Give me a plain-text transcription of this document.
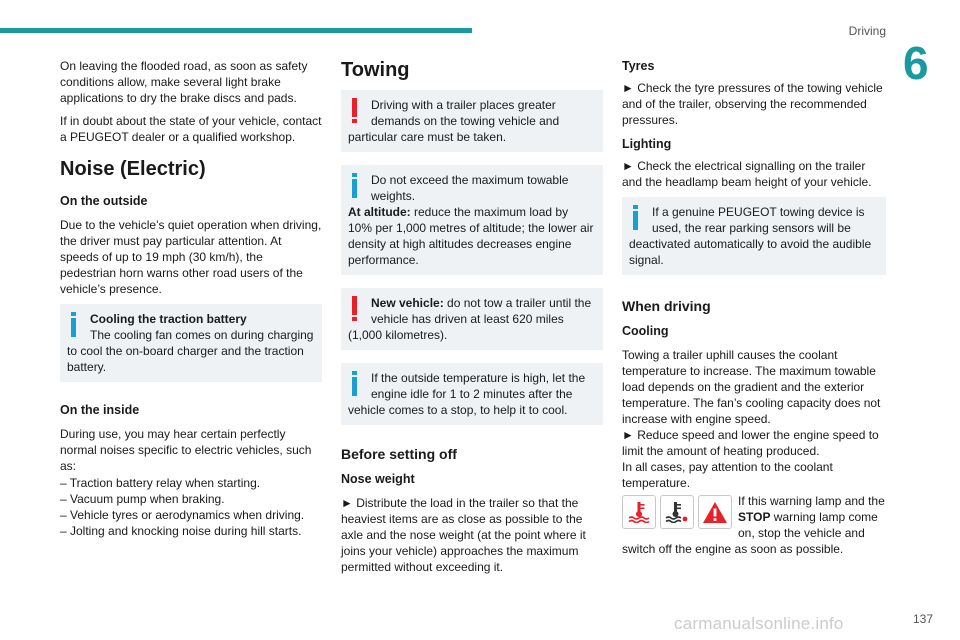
Driving
6

On leaving the flooded road, as soon as safety conditions allow, make several light brake applications to dry the brake discs and pads.

If in doubt about the state of your vehicle, contact a PEUGEOT dealer or a qualified workshop.

Noise (Electric)
On the outside

Due to the vehicle’s quiet operation when driving, the driver must pay particular attention. At speeds of up to 19 mph (30 km/h), the pedestrian horn warns other road users of the vehicle’s presence.

Cooling the traction battery
The cooling fan comes on during charging to cool the on-board charger and the traction battery.
On the inside

During use, you may hear certain perfectly normal noises specific to electric vehicles, such as:

– Traction battery relay when starting.
– Vacuum pump when braking.
– Vehicle tyres or aerodynamics when driving.
– Jolting and knocking noise during hill starts.
Towing
Driving with a trailer places greater demands on the towing vehicle and particular care must be taken.
Do not exceed the maximum towable weights.
At altitude: reduce the maximum load by 10% per 1,000 metres of altitude; the lower air density at high altitudes decreases engine performance.
New vehicle: do not tow a trailer until the vehicle has driven at least 620 miles (1,000 kilometres).
If the outside temperature is high, let the engine idle for 1 to 2 minutes after the vehicle comes to a stop, to help it to cool.
Before setting off
Nose weight

► Distribute the load in the trailer so that the heaviest items are as close as possible to the axle and the nose weight (at the point where it joins your vehicle) approaches the maximum permitted without exceeding it.

Tyres

► Check the tyre pressures of the towing vehicle and of the trailer, observing the recommended pressures.

Lighting

► Check the electrical signalling on the trailer and the headlamp beam height of your vehicle.

If a genuine PEUGEOT towing device is used, the rear parking sensors will be deactivated automatically to avoid the audible signal.
When driving
Cooling

Towing a trailer uphill causes the coolant temperature to increase. The maximum towable load depends on the gradient and the exterior temperature. The fan’s cooling capacity does not increase with engine speed.

► Reduce speed and lower the engine speed to limit the amount of heating produced.

In all cases, pay attention to the coolant temperature.

If this warning lamp and the STOP warning lamp come on, stop the vehicle and switch off the engine as soon as possible.
carmanualsonline.info	137
